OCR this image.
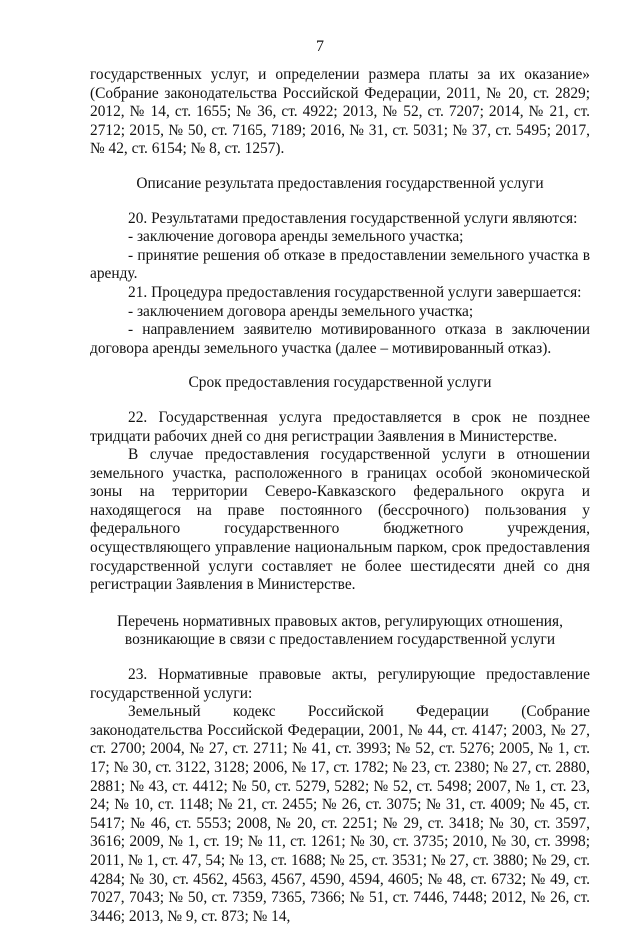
7

государственных услуг, и определении размера платы за их оказание» (Собрание законодательства Российской Федерации, 2011, № 20, ст. 2829; 2012, № 14, ст. 1655; № 36, ст. 4922; 2013, № 52, ст. 7207; 2014, № 21, ст. 2712; 2015, № 50, ст. 7165, 7189; 2016, № 31, ст. 5031; № 37, ст. 5495; 2017, № 42, ст. 6154; № 8, ст. 1257).

Описание результата предоставления государственной услуги

20. Результатами предоставления государственной услуги являются:

- заключение договора аренды земельного участка;

- принятие решения об отказе в предоставлении земельного участка в аренду.

21. Процедура предоставления государственной услуги завершается:

- заключением договора аренды земельного участка;

- направлением заявителю мотивированного отказа в заключении договора аренды земельного участка (далее – мотивированный отказ).

Срок предоставления государственной услуги

22. Государственная услуга предоставляется в срок не позднее тридцати рабочих дней со дня регистрации Заявления в Министерстве.

В случае предоставления государственной услуги в отношении земельного участка, расположенного в границах особой экономической зоны на территории Северо-Кавказского федерального округа и находящегося на праве постоянного (бессрочного) пользования у федерального государственного бюджетного учреждения, осуществляющего управление национальным парком, срок предоставления государственной услуги составляет не более шестидесяти дней со дня регистрации Заявления в Министерстве.

Перечень нормативных правовых актов, регулирующих отношения, возникающие в связи с предоставлением государственной услуги

23. Нормативные правовые акты, регулирующие предоставление государственной услуги:

Земельный кодекс Российской Федерации (Собрание законодательства Российской Федерации, 2001, № 44, ст. 4147; 2003, № 27, ст. 2700; 2004, № 27, ст. 2711; № 41, ст. 3993; № 52, ст. 5276; 2005, № 1, ст. 17; № 30, ст. 3122, 3128; 2006, № 17, ст. 1782; № 23, ст. 2380; № 27, ст. 2880, 2881; № 43, ст. 4412; № 50, ст. 5279, 5282; № 52, ст. 5498; 2007, № 1, ст. 23, 24; № 10, ст. 1148; № 21, ст. 2455; № 26, ст. 3075; № 31, ст. 4009; № 45, ст. 5417; № 46, ст. 5553; 2008, № 20, ст. 2251; № 29, ст. 3418; № 30, ст. 3597, 3616; 2009, № 1, ст. 19; № 11, ст. 1261; № 30, ст. 3735; 2010, № 30, ст. 3998; 2011, № 1, ст. 47, 54; № 13, ст. 1688; № 25, ст. 3531; № 27, ст. 3880; № 29, ст. 4284; № 30, ст. 4562, 4563, 4567, 4590, 4594, 4605; № 48, ст. 6732; № 49, ст. 7027, 7043; № 50, ст. 7359, 7365, 7366; № 51, ст. 7446, 7448; 2012, № 26, ст. 3446; 2013, № 9, ст. 873; № 14,
